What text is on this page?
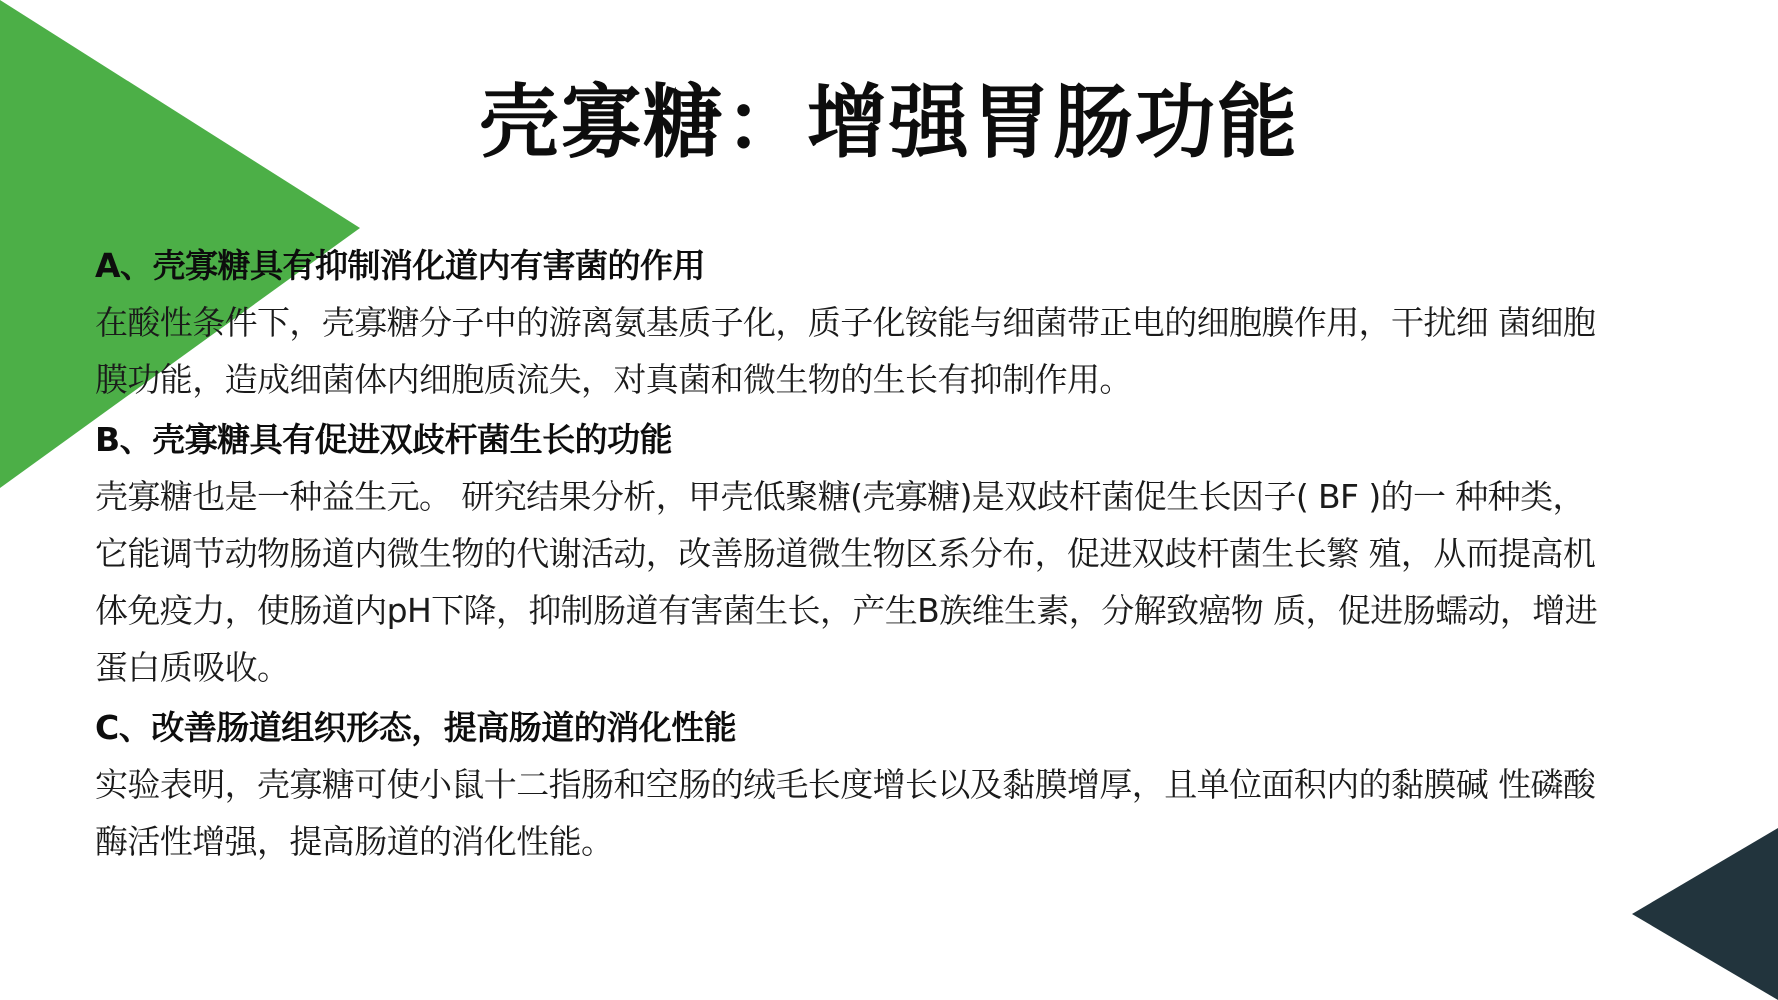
壳寡糖：增强胃肠功能

A、壳寡糖具有抑制消化道内有害菌的作用

在酸性条件下，壳寡糖分子中的游离氨基质子化，质子化铵能与细菌带正电的细胞膜作用，干扰细 菌细胞膜功能，造成细菌体内细胞质流失，对真菌和微生物的生长有抑制作用。

B、壳寡糖具有促进双歧杆菌生长的功能

壳寡糖也是一种益生元。 研究结果分析，甲壳低聚糖(壳寡糖)是双歧杆菌促生长因子( BF )的一 种种类，它能调节动物肠道内微生物的代谢活动，改善肠道微生物区系分布，促进双歧杆菌生长繁 殖，从而提高机体免疫力，使肠道内pH下降，抑制肠道有害菌生长，产生B族维生素，分解致癌物 质，促进肠蠕动，增进蛋白质吸收。

C、改善肠道组织形态，提高肠道的消化性能

实验表明，壳寡糖可使小鼠十二指肠和空肠的绒毛长度增长以及黏膜增厚，且单位面积内的黏膜碱 性磷酸酶活性增强，提高肠道的消化性能。
